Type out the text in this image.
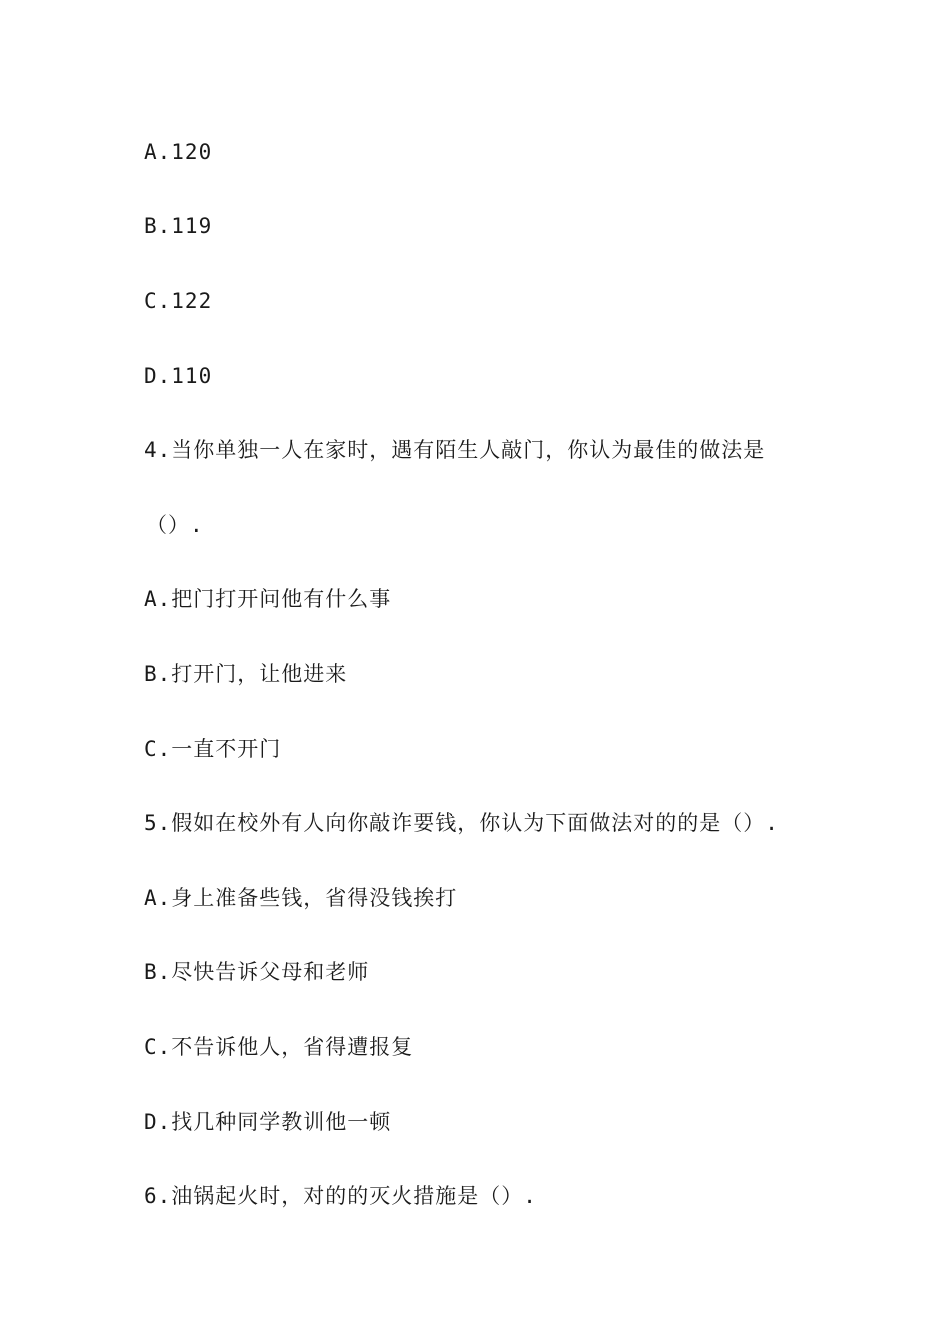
A.120
B.119
C.122
D.110
4.当你单独一人在家时，遇有陌生人敲门，你认为最佳的做法是
（）.
A.把门打开问他有什么事
B.打开门，让他进来
C.一直不开门
5.假如在校外有人向你敲诈要钱，你认为下面做法对的的是（）.
A.身上准备些钱，省得没钱挨打
B.尽快告诉父母和老师
C.不告诉他人，省得遭报复
D.找几种同学教训他一顿
6.油锅起火时，对的的灭火措施是（）.
